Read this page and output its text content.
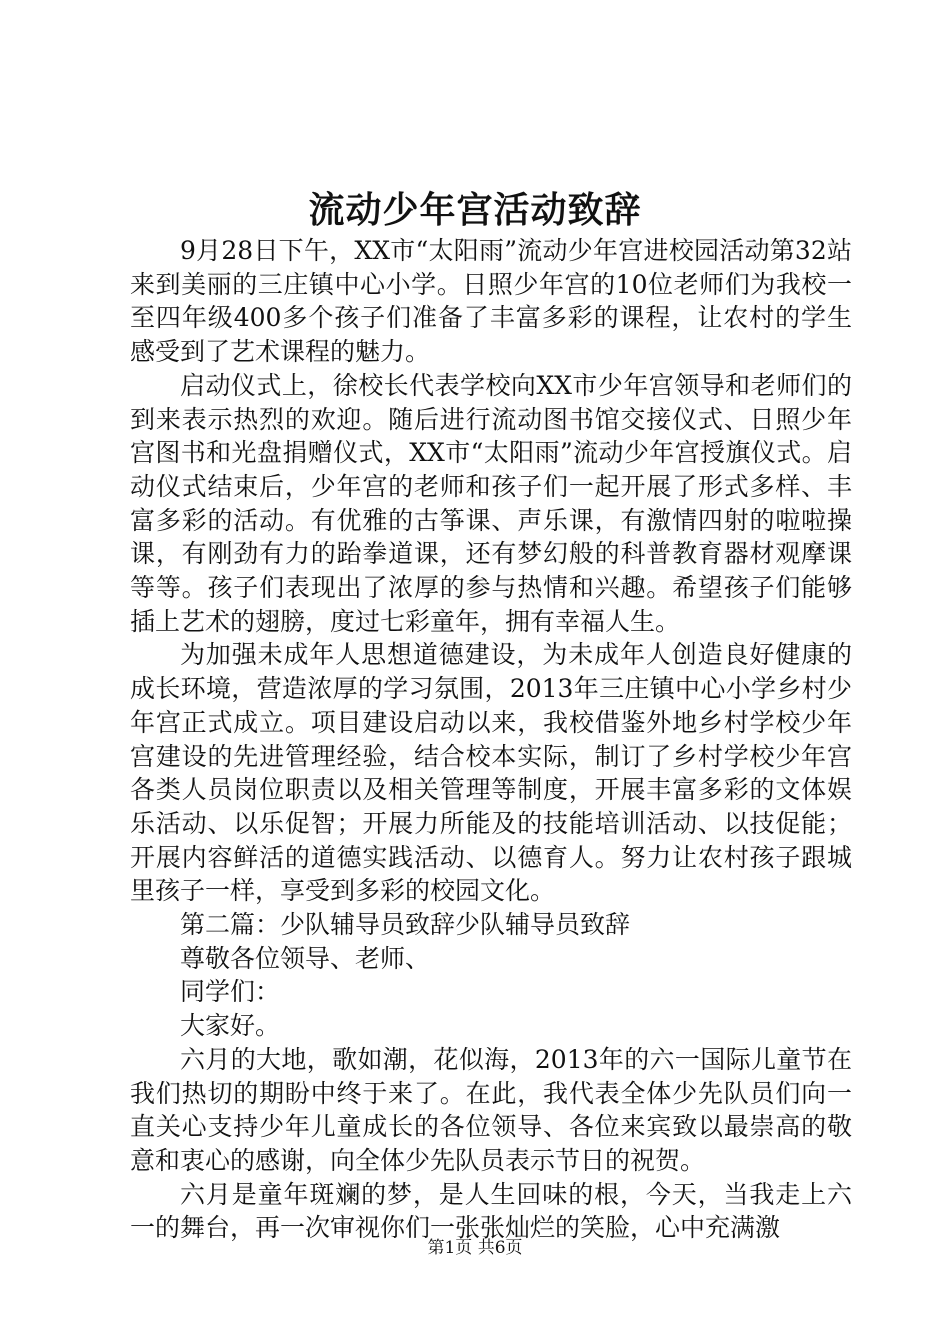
流动少年宫活动致辞

9月28日下午，XX市“太阳雨”流动少年宫进校园活动第32站来到美丽的三庄镇中心小学。日照少年宫的10位老师们为我校一至四年级400多个孩子们准备了丰富多彩的课程，让农村的学生感受到了艺术课程的魅力。

启动仪式上，徐校长代表学校向XX市少年宫领导和老师们的到来表示热烈的欢迎。随后进行流动图书馆交接仪式、日照少年宫图书和光盘捐赠仪式，XX市“太阳雨”流动少年宫授旗仪式。启动仪式结束后，少年宫的老师和孩子们一起开展了形式多样、丰富多彩的活动。有优雅的古筝课、声乐课，有激情四射的啦啦操课，有刚劲有力的跆拳道课，还有梦幻般的科普教育器材观摩课等等。孩子们表现出了浓厚的参与热情和兴趣。希望孩子们能够插上艺术的翅膀，度过七彩童年，拥有幸福人生。

为加强未成年人思想道德建设，为未成年人创造良好健康的成长环境，营造浓厚的学习氛围，2013年三庄镇中心小学乡村少年宫正式成立。项目建设启动以来，我校借鉴外地乡村学校少年宫建设的先进管理经验，结合校本实际，制订了乡村学校少年宫各类人员岗位职责以及相关管理等制度，开展丰富多彩的文体娱乐活动、以乐促智；开展力所能及的技能培训活动、以技促能；开展内容鲜活的道德实践活动、以德育人。努力让农村孩子跟城里孩子一样，享受到多彩的校园文化。

第二篇：少队辅导员致辞少队辅导员致辞

尊敬各位领导、老师、

同学们：

大家好。

六月的大地，歌如潮，花似海，2013年的六一国际儿童节在我们热切的期盼中终于来了。在此，我代表全体少先队员们向一直关心支持少年儿童成长的各位领导、各位来宾致以最崇高的敬意和衷心的感谢，向全体少先队员表示节日的祝贺。

六月是童年斑斓的梦，是人生回味的根，今天，当我走上六一的舞台，再一次审视你们一张张灿烂的笑脸，心中充满激

第1页 共6页
